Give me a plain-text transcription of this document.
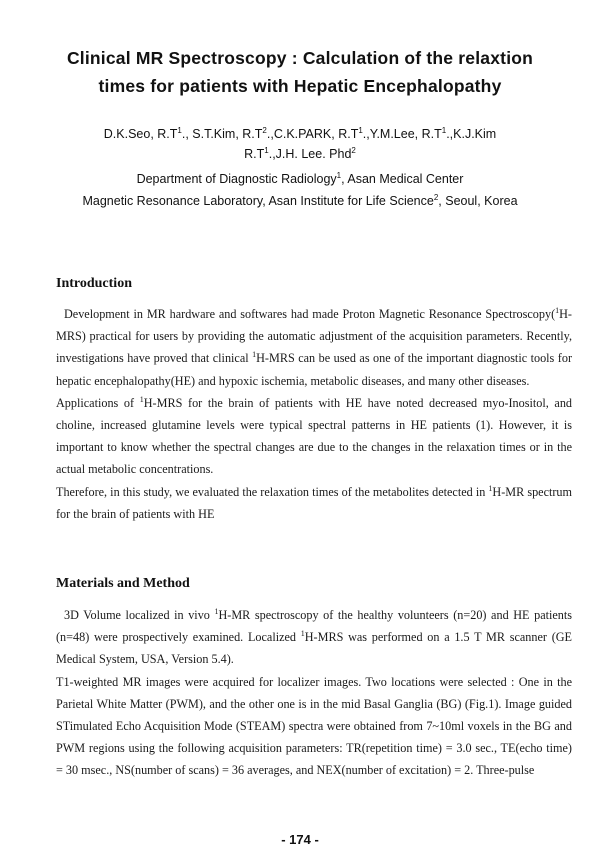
Clinical MR Spectroscopy : Calculation of the relaxtion
times for patients with Hepatic Encephalopathy
D.K.Seo, $R.T^1$., S.T.Kim, $R.T^2.,C.K.PARK$, $R.T^1.,Y.M.Lee$, $R.T^1.,K.J.Kim$
$R.T^1.,J.H$. Lee. Phd$^2$
Department of Diagnostic Radiology$^1$, Asan Medical Center
Magnetic Resonance Laboratory, Asan Institute for Life Science$^2$, Seoul, Korea
Introduction

Development in MR hardware and softwares had made Proton Magnetic Resonance Spectroscopy($^1$H-MRS) practical for users by providing the automatic adjustment of the acquisition parameters. Recently, investigations have proved that clinical $^1$H-MRS can be used as one of the important diagnostic tools for hepatic encephalopathy(HE) and hypoxic ischemia, metabolic diseases, and many other diseases.

Applications of $^1$H-MRS for the brain of patients with HE have noted decreased myo-Inositol, and choline, increased glutamine levels were typical spectral patterns in HE patients (1). However, it is important to know whether the spectral changes are due to the changes in the relaxation times or in the actual metabolic concentrations.

Therefore, in this study, we evaluated the relaxation times of the metabolites detected in $^1$H-MR spectrum for the brain of patients with HE

Materials and Method

3D Volume localized in vivo $^1$H-MR spectroscopy of the healthy volunteers (n=20) and HE patients (n=48) were prospectively examined. Localized $^1$H-MRS was performed on a 1.5 T MR scanner (GE Medical System, USA, Version 5.4).

T1-weighted MR images were acquired for localizer images. Two locations were selected : One in the Parietal White Matter (PWM), and the other one is in the mid Basal Ganglia (BG) (Fig.1). Image guided STimulated Echo Acquisition Mode (STEAM) spectra were obtained from 7~10ml voxels in the BG and PWM regions using the following acquisition parameters: TR(repetition time) = 3.0 sec., TE(echo time) = 30 msec., NS(number of scans) = 36 averages, and NEX(number of excitation) = 2. Three-pulse

- 174 -
